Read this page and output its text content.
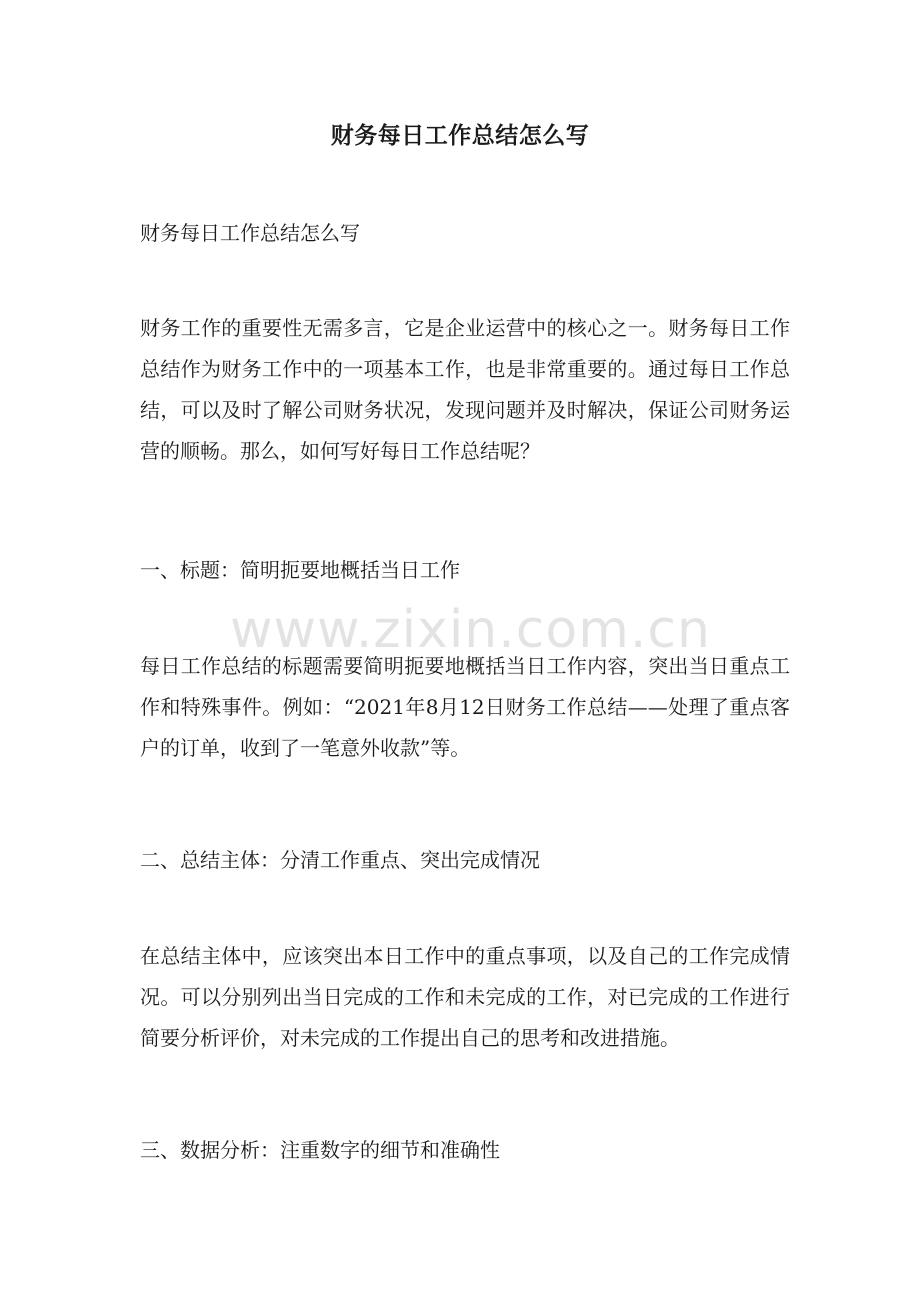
财务每日工作总结怎么写
财务每日工作总结怎么写
财务工作的重要性无需多言，它是企业运营中的核心之一。财务每日工作总结作为财务工作中的一项基本工作，也是非常重要的。通过每日工作总结，可以及时了解公司财务状况，发现问题并及时解决，保证公司财务运营的顺畅。那么，如何写好每日工作总结呢？
一、标题：简明扼要地概括当日工作
每日工作总结的标题需要简明扼要地概括当日工作内容，突出当日重点工作和特殊事件。例如：“2021年8月12日财务工作总结——处理了重点客户的订单，收到了一笔意外收款”等。
二、总结主体：分清工作重点、突出完成情况
在总结主体中，应该突出本日工作中的重点事项，以及自己的工作完成情况。可以分别列出当日完成的工作和未完成的工作，对已完成的工作进行简要分析评价，对未完成的工作提出自己的思考和改进措施。
三、数据分析：注重数字的细节和准确性
www.zixin.com.cn
